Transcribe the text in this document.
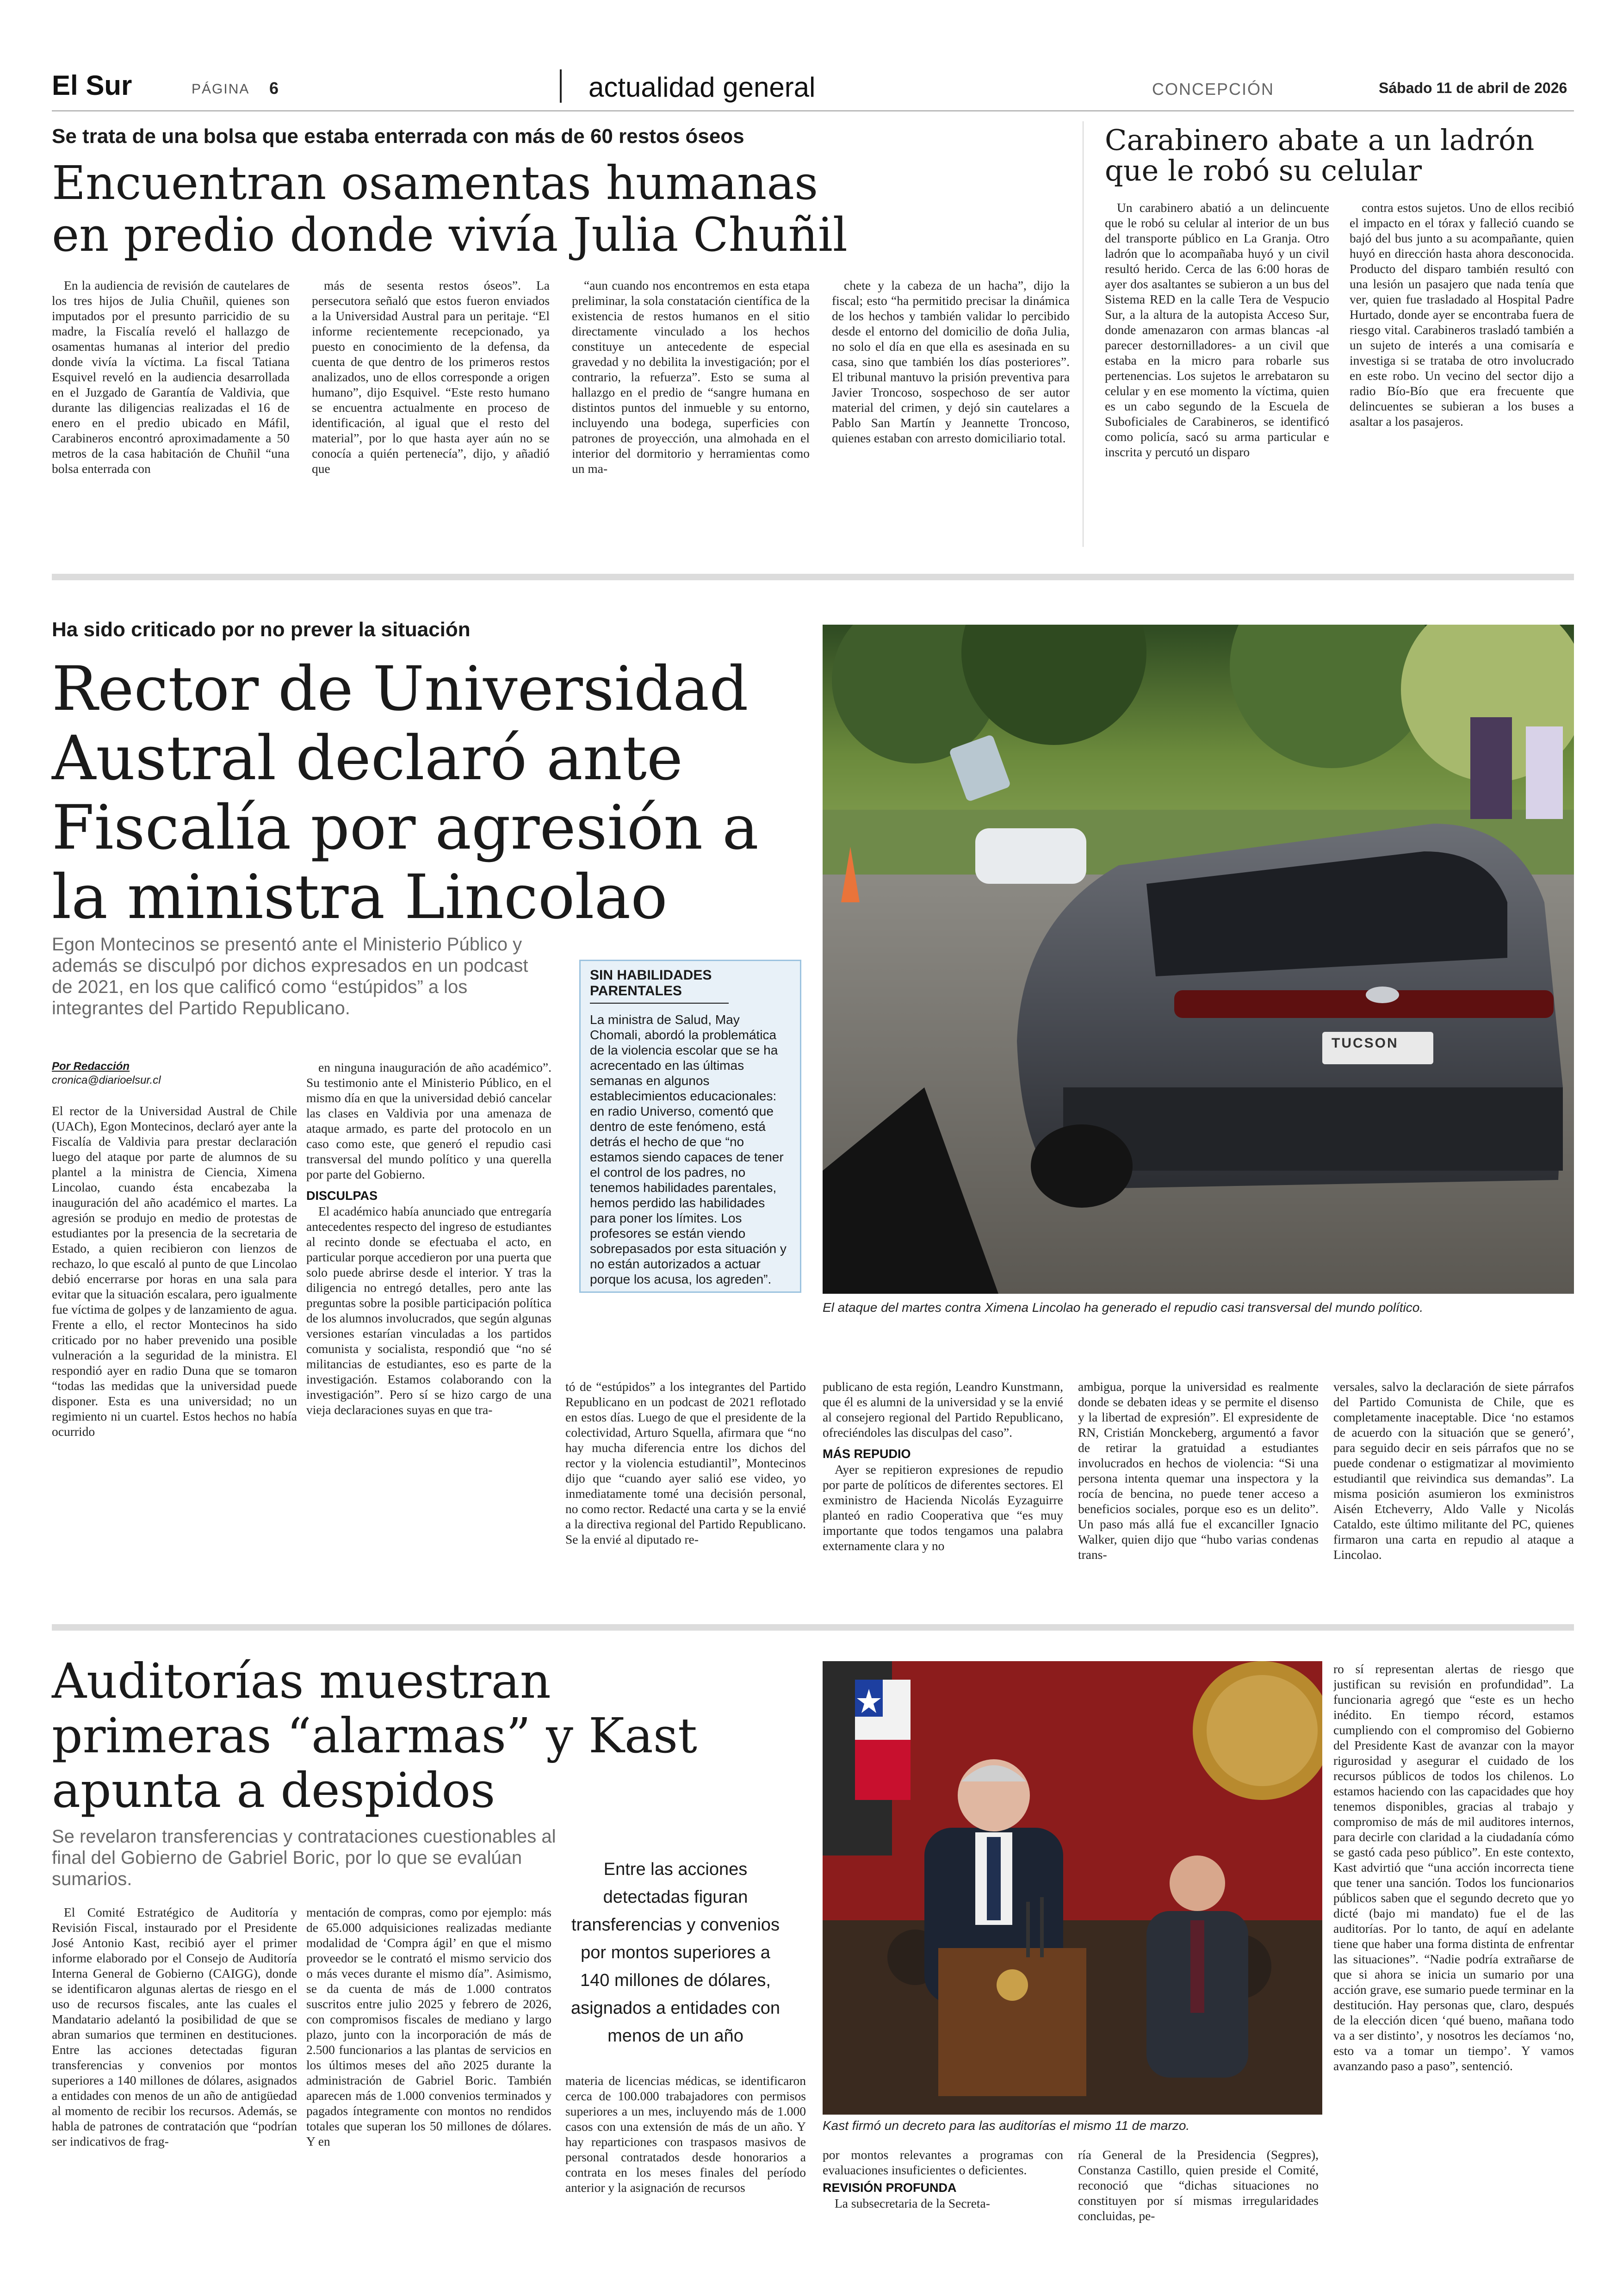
El Sur	PÁGINA 6	actualidad general	CONCEPCIÓN	Sábado 11 de abril de 2026
Se trata de una bolsa que estaba enterrada con más de 60 restos óseos
Encuentran osamentas humanas
en predio donde vivía Julia Chuñil

En la audiencia de revisión de cautelares de los tres hijos de Julia Chuñil, quienes son imputados por el presunto parricidio de su madre, la Fiscalía reveló el hallazgo de osamentas humanas al interior del predio donde vivía la víctima. La fiscal Tatiana Esquivel reveló en la audiencia desarrollada en el Juzgado de Garantía de Valdivia, que durante las diligencias realizadas el 16 de enero en el predio ubicado en Máfil, Carabineros encontró aproximadamente a 50 metros de la casa habitación de Chuñil “una bolsa enterrada con

más de sesenta restos óseos”. La persecutora señaló que estos fueron enviados a la Universidad Austral para un peritaje. “El informe recientemente recepcionado, ya puesto en conocimiento de la defensa, da cuenta de que dentro de los primeros restos analizados, uno de ellos corresponde a origen humano”, dijo Esquivel. “Este resto humano se encuentra actualmente en proceso de identificación, al igual que el resto del material”, por lo que hasta ayer aún no se conocía a quién pertenecía”, dijo, y añadió que

“aun cuando nos encontremos en esta etapa preliminar, la sola constatación científica de la existencia de restos humanos en el sitio directamente vinculado a los hechos constituye un antecedente de especial gravedad y no debilita la investigación; por el contrario, la refuerza”. Esto se suma al hallazgo en el predio de “sangre humana en distintos puntos del inmueble y su entorno, incluyendo una bodega, superficies con patrones de proyección, una almohada en el interior del dormitorio y herramientas como un ma-

chete y la cabeza de un hacha”, dijo la fiscal; esto “ha permitido precisar la dinámica de los hechos y también validar lo percibido desde el entorno del domicilio de doña Julia, no solo el día en que ella es asesinada en su casa, sino que también los días posteriores”. El tribunal mantuvo la prisión preventiva para Javier Troncoso, sospechoso de ser autor material del crimen, y dejó sin cautelares a Pablo San Martín y Jeannette Troncoso, quienes estaban con arresto domiciliario total.

Carabinero abate a un ladrón
que le robó su celular

Un carabinero abatió a un delincuente que le robó su celular al interior de un bus del transporte público en La Granja. Otro ladrón que lo acompañaba huyó y un civil resultó herido. Cerca de las 6:00 horas de ayer dos asaltantes se subieron a un bus del Sistema RED en la calle Tera de Vespucio Sur, a la altura de la autopista Acceso Sur, donde amenazaron con armas blancas -al parecer destornilladores- a un civil que estaba en la micro para robarle sus pertenencias. Los sujetos le arrebataron su celular y en ese momento la víctima, quien es un cabo segundo de la Escuela de Suboficiales de Carabineros, se identificó como policía, sacó su arma particular e inscrita y percutó un disparo

contra estos sujetos. Uno de ellos recibió el impacto en el tórax y falleció cuando se bajó del bus junto a su acompañante, quien huyó en dirección hasta ahora desconocida. Producto del disparo también resultó con una lesión un pasajero que nada tenía que ver, quien fue trasladado al Hospital Padre Hurtado, donde ayer se encontraba fuera de riesgo vital. Carabineros trasladó también a un sujeto de interés a una comisaría e investiga si se trataba de otro involucrado en este robo. Un vecino del sector dijo a radio Bío-Bío que era frecuente que delincuentes se subieran a los buses a asaltar a los pasajeros.

Ha sido criticado por no prever la situación
Rector de Universidad
Austral declaró ante
Fiscalía por agresión a
la ministra Lincolao
Egon Montecinos se presentó ante el Ministerio Público y además se disculpó por dichos expresados en un podcast de 2021, en los que calificó como “estúpidos” a los integrantes del Partido Republicano.
Por Redacción
cronica@diarioelsur.cl
SIN HABILIDADES PARENTALES
La ministra de Salud, May Chomali, abordó la problemática de la violencia escolar que se ha acrecentado en las últimas semanas en algunos establecimientos educacionales: en radio Universo, comentó que dentro de este fenómeno, está detrás el hecho de que “no estamos siendo capaces de tener el control de los padres, no tenemos habilidades parentales, hemos perdido las habilidades para poner los límites. Los profesores se están viendo sobrepasados por esta situación y no están autorizados a actuar porque los acusa, los agreden”.
TUCSON
El ataque del martes contra Ximena Lincolao ha generado el repudio casi transversal del mundo político.

El rector de la Universidad Austral de Chile (UACh), Egon Montecinos, declaró ayer ante la Fiscalía de Valdivia para prestar declaración luego del ataque por parte de alumnos de su plantel a la ministra de Ciencia, Ximena Lincolao, cuando ésta encabezaba la inauguración del año académico el martes. La agresión se produjo en medio de protestas de estudiantes por la presencia de la secretaria de Estado, a quien recibieron con lienzos de rechazo, lo que escaló al punto de que Lincolao debió encerrarse por horas en una sala para evitar que la situación escalara, pero igualmente fue víctima de golpes y de lanzamiento de agua. Frente a ello, el rector Montecinos ha sido criticado por no haber prevenido una posible vulneración a la seguridad de la ministra. El respondió ayer en radio Duna que se tomaron “todas las medidas que la universidad puede disponer. Esta es una universidad; no un regimiento ni un cuartel. Estos hechos no había ocurrido

en ninguna inauguración de año académico”. Su testimonio ante el Ministerio Público, en el mismo día en que la universidad debió cancelar las clases en Valdivia por una amenaza de ataque armado, es parte del protocolo en un caso como este, que generó el repudio casi transversal del mundo político y una querella por parte del Gobierno.

DISCULPAS

El académico había anunciado que entregaría antecedentes respecto del ingreso de estudiantes al recinto donde se efectuaba el acto, en particular porque accedieron por una puerta que solo puede abrirse desde el interior. Y tras la diligencia no entregó detalles, pero ante las preguntas sobre la posible participación política de los alumnos involucrados, que según algunas versiones estarían vinculadas a los partidos comunista y socialista, respondió que “no sé militancias de estudiantes, eso es parte de la investigación. Estamos colaborando con la investigación”. Pero sí se hizo cargo de una vieja declaraciones suyas en que tra-

tó de “estúpidos” a los integrantes del Partido Republicano en un podcast de 2021 reflotado en estos días. Luego de que el presidente de la colectividad, Arturo Squella, afirmara que “no hay mucha diferencia entre los dichos del rector y la violencia estudiantil”, Montecinos dijo que “cuando ayer salió ese video, yo inmediatamente tomé una decisión personal, no como rector. Redacté una carta y se la envié a la directiva regional del Partido Republicano. Se la envié al diputado re-

publicano de esta región, Leandro Kunstmann, que él es alumni de la universidad y se la envié al consejero regional del Partido Republicano, ofreciéndoles las disculpas del caso”.

MÁS REPUDIO

Ayer se repitieron expresiones de repudio por parte de políticos de diferentes sectores. El exministro de Hacienda Nicolás Eyzaguirre planteó en radio Cooperativa que “es muy importante que todos tengamos una palabra externamente clara y no

ambigua, porque la universidad es realmente donde se debaten ideas y se permite el disenso y la libertad de expresión”. El expresidente de RN, Cristián Monckeberg, argumentó a favor de retirar la gratuidad a estudiantes involucrados en hechos de violencia: “Si una persona intenta quemar una inspectora y la rocía de bencina, no puede tener acceso a beneficios sociales, porque eso es un delito”. Un paso más allá fue el excanciller Ignacio Walker, quien dijo que “hubo varias condenas trans-

versales, salvo la declaración de siete párrafos del Partido Comunista de Chile, que es completamente inaceptable. Dice ‘no estamos de acuerdo con la situación que se generó’, para seguido decir en seis párrafos que no se puede condenar o estigmatizar al movimiento estudiantil que reivindica sus demandas”. La misma posición asumieron los exministros Aisén Etcheverry, Aldo Valle y Nicolás Cataldo, este último militante del PC, quienes firmaron una carta en repudio al ataque a Lincolao.

Auditorías muestran
primeras “alarmas” y Kast
apunta a despidos
Se revelaron transferencias y contrataciones cuestionables al final del Gobierno de Gabriel Boric, por lo que se evalúan sumarios.	Entre las acciones detectadas figuran transferencias y convenios por montos superiores a 140 millones de dólares, asignados a entidades con menos de un año
Kast firmó un decreto para las auditorías el mismo 11 de marzo.

El Comité Estratégico de Auditoría y Revisión Fiscal, instaurado por el Presidente José Antonio Kast, recibió ayer el primer informe elaborado por el Consejo de Auditoría Interna General de Gobierno (CAIGG), donde se identificaron algunas alertas de riesgo en el uso de recursos fiscales, ante las cuales el Mandatario adelantó la posibilidad de que se abran sumarios que terminen en destituciones. Entre las acciones detectadas figuran transferencias y convenios por montos superiores a 140 millones de dólares, asignados a entidades con menos de un año de antigüedad al momento de recibir los recursos. Además, se habla de patrones de contratación que “podrían ser indicativos de frag-

mentación de compras, como por ejemplo: más de 65.000 adquisiciones realizadas mediante modalidad de ‘Compra ágil’ en que el mismo proveedor se le contrató el mismo servicio dos o más veces durante el mismo día”. Asimismo, se da cuenta de más de 1.000 contratos suscritos entre julio 2025 y febrero de 2026, con compromisos fiscales de mediano y largo plazo, junto con la incorporación de más de 2.500 funcionarios a las plantas de servicios en los últimos meses del año 2025 durante la administración de Gabriel Boric. También aparecen más de 1.000 convenios terminados y pagados íntegramente con montos no rendidos totales que superan los 50 millones de dólares. Y en

materia de licencias médicas, se identificaron cerca de 100.000 trabajadores con permisos superiores a un mes, incluyendo más de 1.000 casos con una extensión de más de un año. Y hay reparticiones con traspasos masivos de personal contratados desde honorarios a contrata en los meses finales del período anterior y la asignación de recursos

por montos relevantes a programas con evaluaciones insuficientes o deficientes.

REVISIÓN PROFUNDA

La subsecretaria de la Secreta-

ría General de la Presidencia (Segpres), Constanza Castillo, quien preside el Comité, reconoció que “dichas situaciones no constituyen por sí mismas irregularidades concluidas, pe-

ro sí representan alertas de riesgo que justifican su revisión en profundidad”. La funcionaria agregó que “este es un hecho inédito. En tiempo récord, estamos cumpliendo con el compromiso del Gobierno del Presidente Kast de avanzar con la mayor rigurosidad y asegurar el cuidado de los recursos públicos de todos los chilenos. Lo estamos haciendo con las capacidades que hoy tenemos disponibles, gracias al trabajo y compromiso de más de mil auditores internos, para decirle con claridad a la ciudadanía cómo se gastó cada peso público”. En este contexto, Kast advirtió que “una acción incorrecta tiene que tener una sanción. Todos los funcionarios públicos saben que el segundo decreto que yo dicté (bajo mi mandato) fue el de las auditorías. Por lo tanto, de aquí en adelante tiene que haber una forma distinta de enfrentar las situaciones”. “Nadie podría extrañarse de que si ahora se inicia un sumario por una acción grave, ese sumario puede terminar en la destitución. Hay personas que, claro, después de la elección dicen ‘qué bueno, mañana todo va a ser distinto’, y nosotros les decíamos ‘no, esto va a tomar un tiempo’. Y vamos avanzando paso a paso”, sentenció.
